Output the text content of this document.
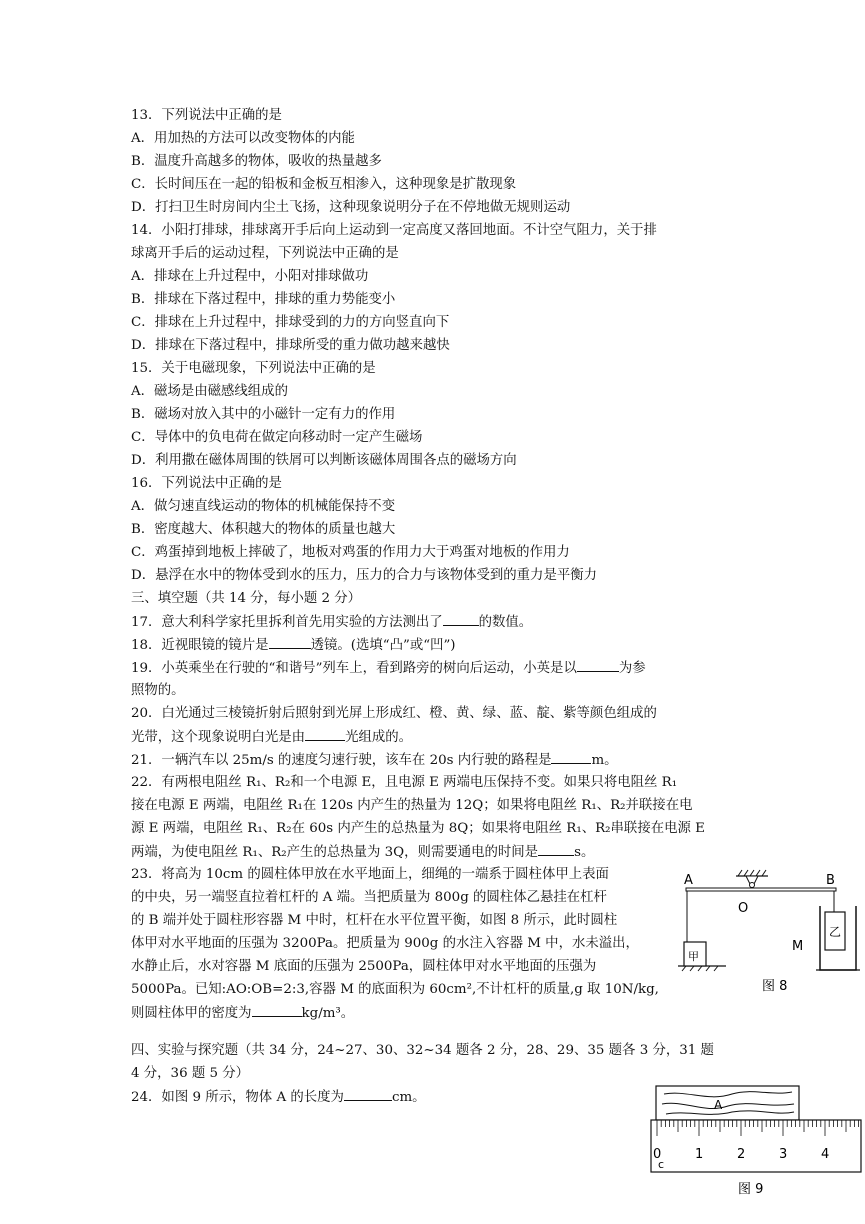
13．下列说法中正确的是
A．用加热的方法可以改变物体的内能
B．温度升高越多的物体，吸收的热量越多
C．长时间压在一起的铅板和金板互相渗入，这种现象是扩散现象
D．打扫卫生时房间内尘土飞扬，这种现象说明分子在不停地做无规则运动
14．小阳打排球，排球离开手后向上运动到一定高度又落回地面。不计空气阻力，关于排
球离开手后的运动过程，下列说法中正确的是
A．排球在上升过程中，小阳对排球做功
B．排球在下落过程中，排球的重力势能变小
C．排球在上升过程中，排球受到的力的方向竖直向下
D．排球在下落过程中，排球所受的重力做功越来越快
15．关于电磁现象，下列说法中正确的是
A．磁场是由磁感线组成的
B．磁场对放入其中的小磁针一定有力的作用
C．导体中的负电荷在做定向移动时一定产生磁场
D．利用撒在磁体周围的铁屑可以判断该磁体周围各点的磁场方向
16．下列说法中正确的是
A．做匀速直线运动的物体的机械能保持不变
B．密度越大、体积越大的物体的质量也越大
C．鸡蛋掉到地板上摔破了，地板对鸡蛋的作用力大于鸡蛋对地板的作用力
D．悬浮在水中的物体受到水的压力，压力的合力与该物体受到的重力是平衡力
三、填空题（共 14 分，每小题 2 分）
17．意大利科学家托里拆利首先用实验的方法测出了	的数值。
18．近视眼镜的镜片是	透镜。(选填“凸”或“凹”)
19．小英乘坐在行驶的“和谐号”列车上，看到路旁的树向后运动，小英是以	为参
照物的。
20．白光通过三棱镜折射后照射到光屏上形成红、橙、黄、绿、蓝、靛、紫等颜色组成的
光带，这个现象说明白光是由	光组成的。
21．一辆汽车以 25m/s 的速度匀速行驶，该车在 20s 内行驶的路程是	m。
22．有两根电阻丝 R₁、R₂和一个电源 E，且电源 E 两端电压保持不变。如果只将电阻丝 R₁
接在电源 E 两端，电阻丝 R₁在 120s 内产生的热量为 12Q；如果将电阻丝 R₁、R₂并联接在电
源 E 两端，电阻丝 R₁、R₂在 60s 内产生的总热量为 8Q；如果将电阻丝 R₁、R₂串联接在电源 E
两端，为使电阻丝 R₁、R₂产生的总热量为 3Q，则需要通电的时间是	s。
23．将高为 10cm 的圆柱体甲放在水平地面上，细绳的一端系于圆柱体甲上表面
的中央，另一端竖直拉着杠杆的 A 端。当把质量为 800g 的圆柱体乙悬挂在杠杆
的 B 端并处于圆柱形容器 M 中时，杠杆在水平位置平衡，如图 8 所示，此时圆柱
体甲对水平地面的压强为 3200Pa。把质量为 900g 的水注入容器 M 中，水未溢出，
水静止后，水对容器 M 底面的压强为 2500Pa，圆柱体甲对水平地面的压强为
5000Pa。已知:AO:OB=2:3,容器 M 的底面积为 60cm²,不计杠杆的质量,g 取 10N/kg,
则圆柱体甲的密度为	kg/m³。
四、实验与探究题（共 34 分，24~27、30、32~34 题各 2 分，28、29、35 题各 3 分，31 题
4 分，36 题 5 分）
24．如图 9 所示，物体 A 的长度为	cm。
A	B
O
M
甲
乙
图 8
A
0	1	2	3	4
c
图 9
